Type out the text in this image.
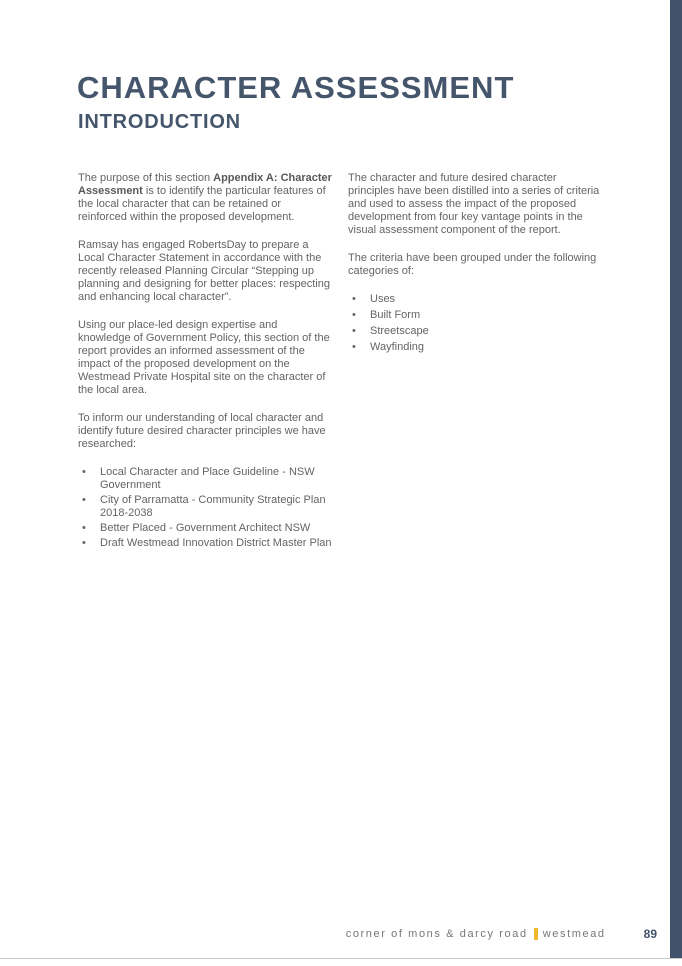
CHARACTER ASSESSMENT
INTRODUCTION

The purpose of this section Appendix A: Character Assessment is to identify the particular features of the local character that can be retained or reinforced within the proposed development.

Ramsay has engaged RobertsDay to prepare a Local Character Statement in accordance with the recently released Planning Circular “Stepping up planning and designing for better places: respecting and enhancing local character”.

Using our place-led design expertise and knowledge of Government Policy, this section of the report provides an informed assessment of the impact of the proposed development on the Westmead Private Hospital site on the character of the local area.

To inform our understanding of local character and identify future desired character principles we have researched:

• Local Character and Place Guideline - NSW Government
• City of Parramatta - Community Strategic Plan 2018-2038
• Better Placed - Government Architect NSW
• Draft Westmead Innovation District Master Plan

The character and future desired character principles have been distilled into a series of criteria and used to assess the impact of the proposed development from four key vantage points in the visual assessment component of the report.

The criteria have been grouped under the following categories of:

• Uses
• Built Form
• Streetscape
• Wayfinding
corner of mons & darcy road westmead	89
